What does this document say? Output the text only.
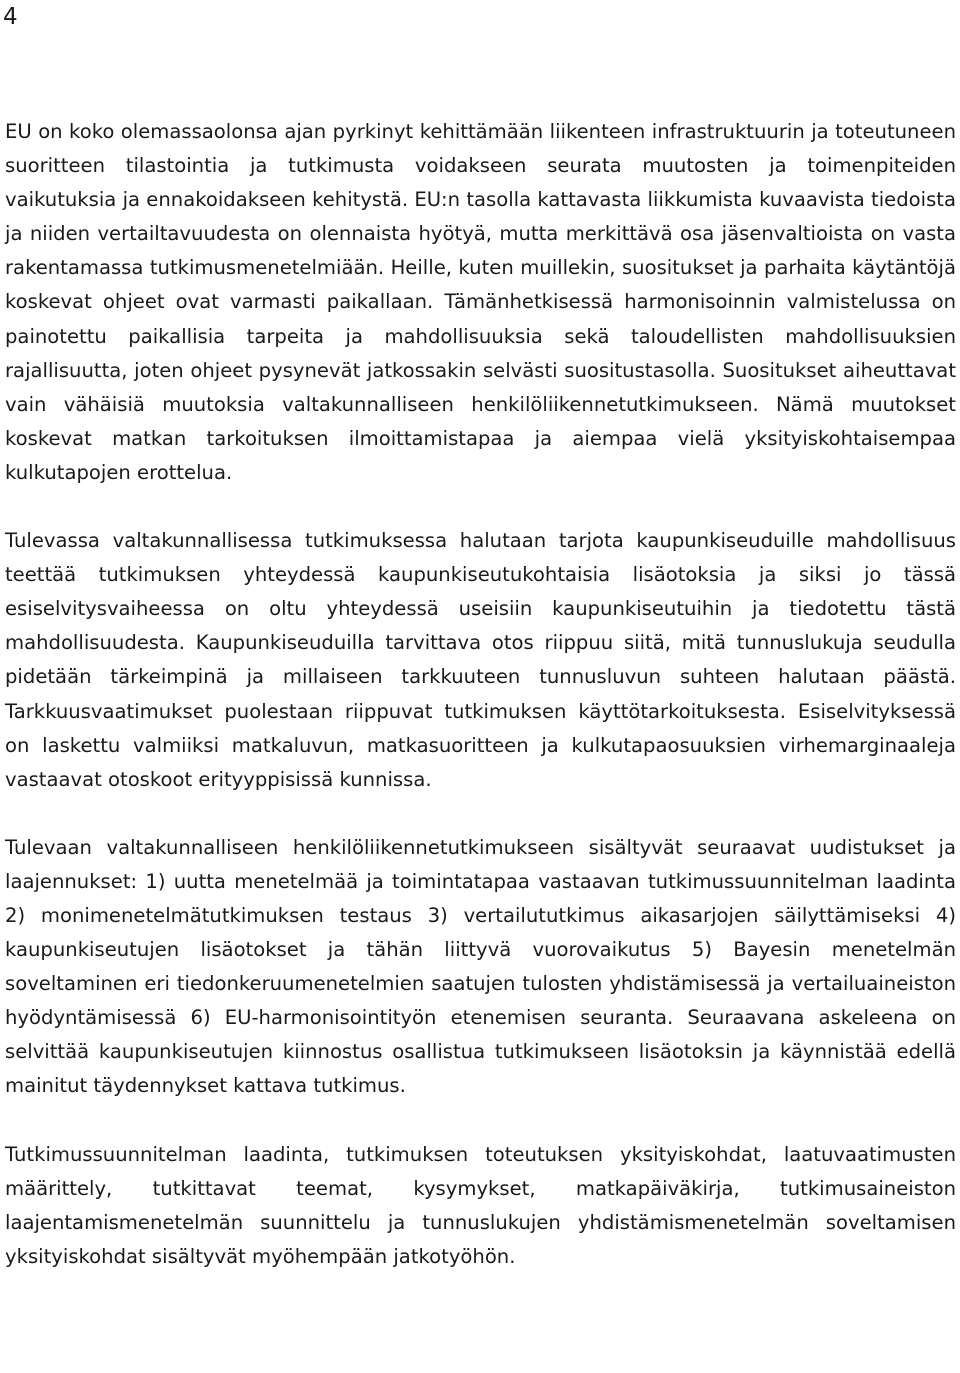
4

EU on koko olemassaolonsa ajan pyrkinyt kehittämään liikenteen infrastruktuurin ja toteutuneen suoritteen tilastointia ja tutkimusta voidakseen seurata muutosten ja toimenpiteiden vaikutuksia ja ennakoidakseen kehitystä. EU:n tasolla kattavasta liikkumista kuvaavista tiedoista ja niiden vertailtavuudesta on olennaista hyötyä, mutta merkittävä osa jäsenvaltioista on vasta rakentamassa tutkimusmenetelmiään. Heille, kuten muillekin, suositukset ja parhaita käytäntöjä koskevat ohjeet ovat varmasti paikallaan. Tämänhetkisessä harmonisoinnin valmistelussa on painotettu paikallisia tarpeita ja mahdollisuuksia sekä taloudellisten mahdollisuuksien rajallisuutta, joten ohjeet pysynevät jatkossakin selvästi suositustasolla. Suositukset aiheuttavat vain vähäisiä muutoksia valtakunnalliseen henkilöliikennetutkimukseen. Nämä muutokset koskevat matkan tarkoituksen ilmoittamistapaa ja aiempaa vielä yksityiskohtaisempaa kulkutapojen erottelua.

Tulevassa valtakunnallisessa tutkimuksessa halutaan tarjota kaupunkiseuduille mahdollisuus teettää tutkimuksen yhteydessä kaupunkiseutukohtaisia lisäotoksia ja siksi jo tässä esiselvitysvaiheessa on oltu yhteydessä useisiin kaupunkiseutuihin ja tiedotettu tästä mahdollisuudesta. Kaupunkiseuduilla tarvittava otos riippuu siitä, mitä tunnuslukuja seudulla pidetään tärkeimpinä ja millaiseen tarkkuuteen tunnusluvun suhteen halutaan päästä. Tarkkuusvaatimukset puolestaan riippuvat tutkimuksen käyttötarkoituksesta. Esiselvityksessä on laskettu valmiiksi matkaluvun, matkasuoritteen ja kulkutapaosuuksien virhemarginaaleja vastaavat otoskoot erityyppisissä kunnissa.

Tulevaan valtakunnalliseen henkilöliikennetutkimukseen sisältyvät seuraavat uudistukset ja laajennukset: 1) uutta menetelmää ja toimintatapaa vastaavan tutkimussuunnitelman laadinta 2) monimenetelmätutkimuksen testaus 3) vertailututkimus aikasarjojen säilyttämiseksi 4) kaupunkiseutujen lisäotokset ja tähän liittyvä vuorovaikutus 5) Bayesin menetelmän soveltaminen eri tiedonkeruumenetelmien saatujen tulosten yhdistämisessä ja vertailuaineiston hyödyntämisessä 6) EU-harmonisointityön etenemisen seuranta. Seuraavana askeleena on selvittää kaupunkiseutujen kiinnostus osallistua tutkimukseen lisäotoksin ja käynnistää edellä mainitut täydennykset kattava tutkimus.

Tutkimussuunnitelman laadinta, tutkimuksen toteutuksen yksityiskohdat, laatuvaatimusten määrittely, tutkittavat teemat, kysymykset, matkapäiväkirja, tutkimusaineiston laajentamismenetelmän suunnittelu ja tunnuslukujen yhdistämismenetelmän soveltamisen yksityiskohdat sisältyvät myöhempään jatkotyöhön.
